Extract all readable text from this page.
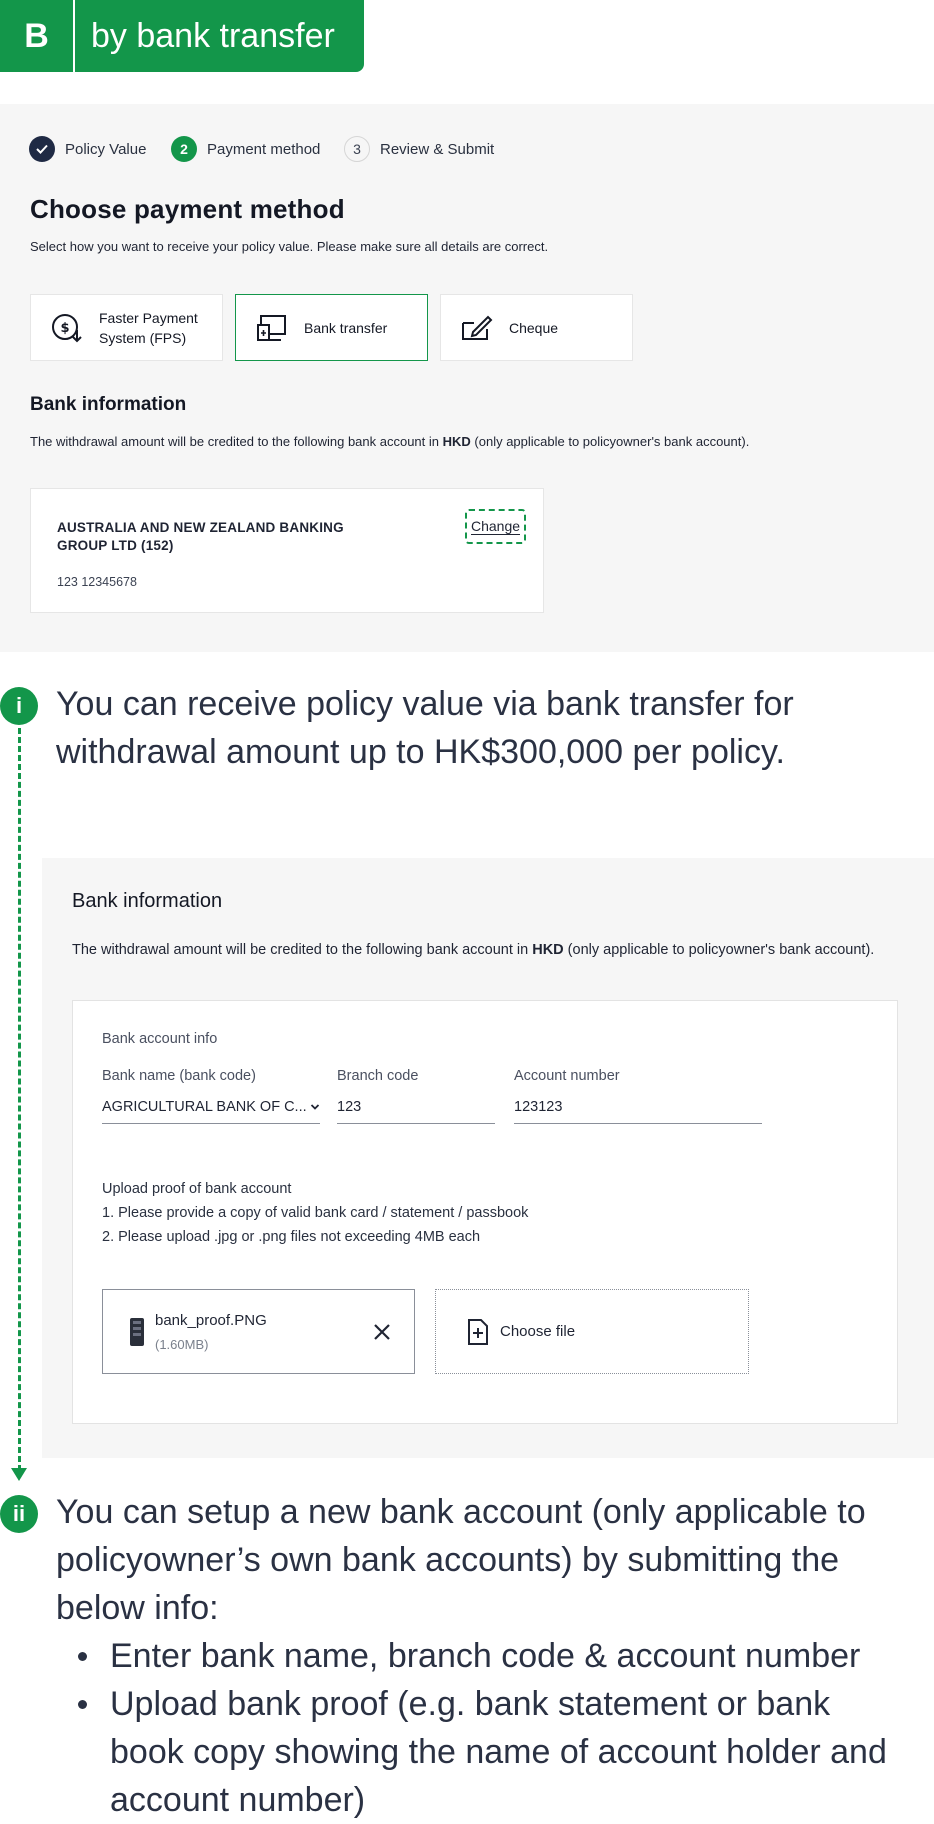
B	by bank transfer
Policy Value	2	Payment method	3	Review & Submit
Choose payment method
Select how you want to receive your policy value. Please make sure all details are correct.
$
Faster Payment
System (FPS)
Bank transfer	Cheque
Bank information
The withdrawal amount will be credited to the following bank account in HKD (only applicable to policyowner's bank account).
AUSTRALIA AND NEW ZEALAND BANKING
GROUP LTD (152)
123 12345678
Change
i You can receive policy value via bank transfer for
withdrawal amount up to HK$300,000 per policy.
Bank information
The withdrawal amount will be credited to the following bank account in HKD (only applicable to policyowner's bank account).
Bank account info
Bank name (bank code)
AGRICULTURAL BANK OF C...
Branch code
123
Account number
123123
Upload proof of bank account
1. Please provide a copy of valid bank card / statement / passbook
2. Please upload .jpg or .png files not exceeding 4MB each
bank_proof.PNG
(1.60MB)
Choose file
ii You can setup a new bank account (only applicable to
policyowner’s own bank accounts) by submitting the
below info:
Enter bank name, branch code & account number
Upload bank proof (e.g. bank statement or bank
book copy showing the name of account holder and
account number)
